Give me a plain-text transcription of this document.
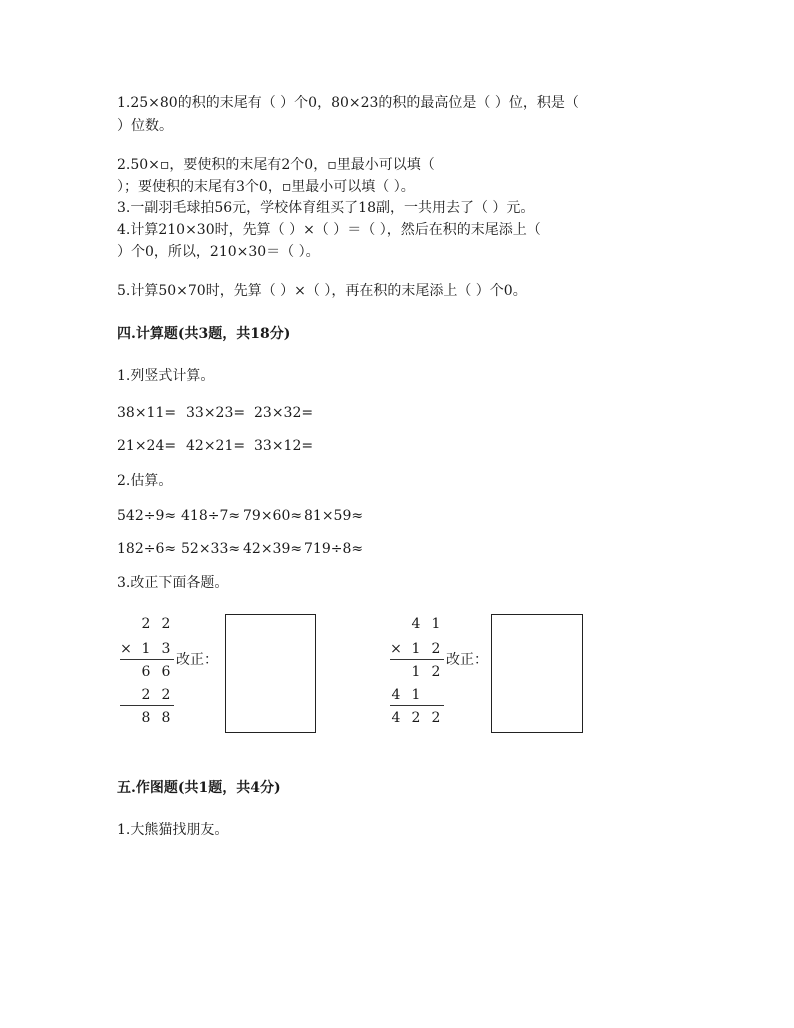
1.25×80的积的末尾有（ ）个0，80×23的积的最高位是（ ）位，积是（
）位数。
2.50×▫，要使积的末尾有2个0，▫里最小可以填（
）；要使积的末尾有3个0，▫里最小可以填（ ）。
3.一副羽毛球拍56元，学校体育组买了18副，一共用去了（ ）元。
4.计算210×30时，先算（ ）×（ ）＝（ ），然后在积的末尾添上（
）个0，所以，210×30＝（ ）。
5.计算50×70时，先算（ ）×（ ），再在积的末尾添上（ ）个0。
四.计算题(共3题，共18分)
1.列竖式计算。
38×11= 33×23= 23×32=
21×24= 42×21= 33×12=
2.估算。
542÷9≈ 418÷7≈ 79×60≈ 81×59≈
182÷6≈ 52×33≈ 42×39≈ 719÷8≈
3.改正下面各题。
2 2
× 1 3
6 6
改正：
2 2
8 8
4 1
× 1 2
1 2
改正：
4 1
4 2 2
五.作图题(共1题，共4分)
1.大熊猫找朋友。
